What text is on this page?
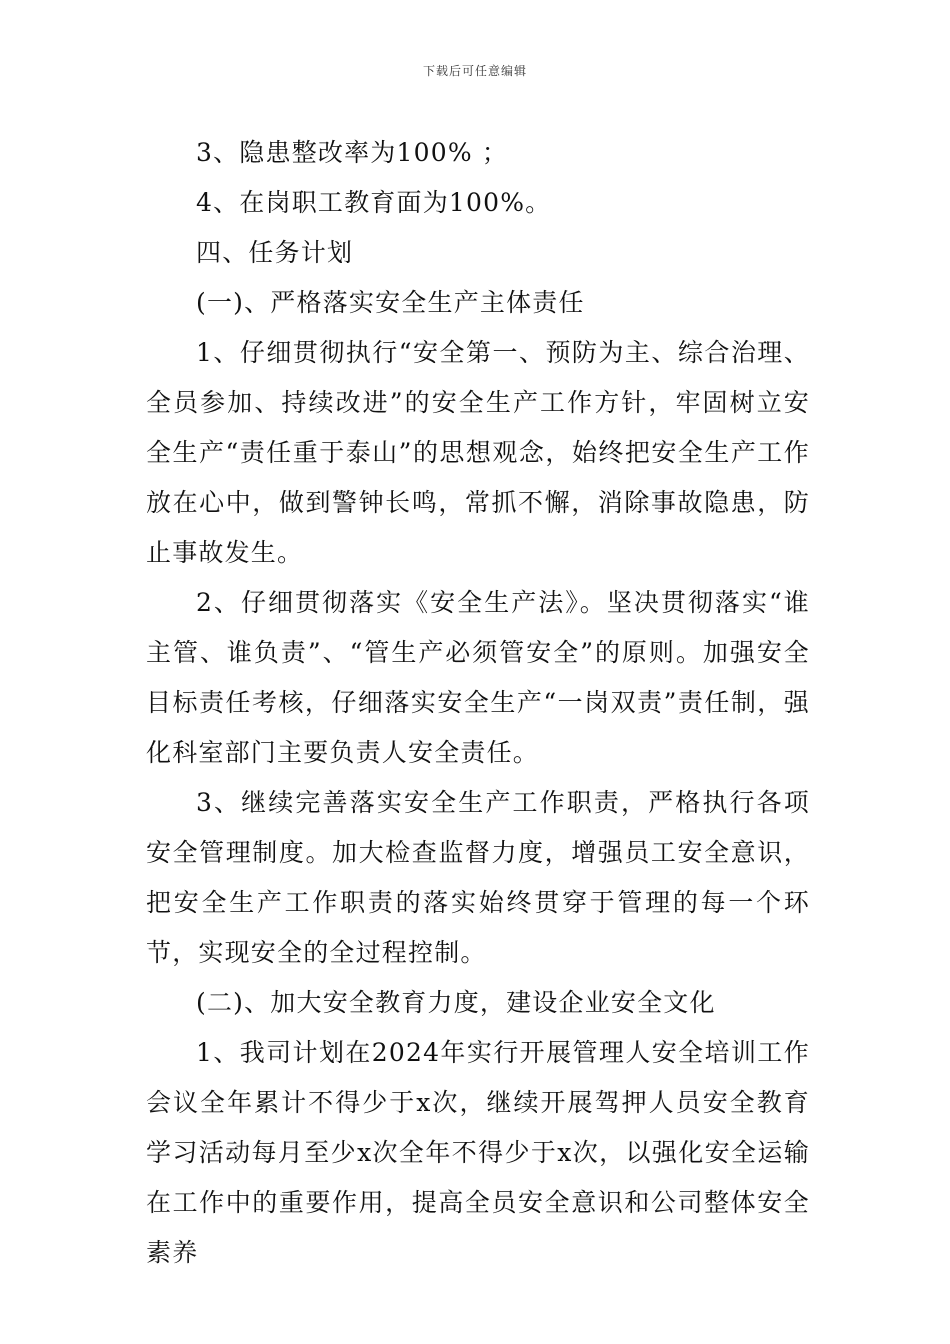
下载后可任意编辑

3、隐患整改率为100% ；

4、在岗职工教育面为100%。

四、任务计划

(一)、严格落实安全生产主体责任

1、仔细贯彻执行“安全第一、预防为主、综合治理、全员参加、持续改进”的安全生产工作方针，牢固树立安全生产“责任重于泰山”的思想观念，始终把安全生产工作放在心中，做到警钟长鸣，常抓不懈，消除事故隐患，防止事故发生。

2、仔细贯彻落实《安全生产法》。坚决贯彻落实“谁主管、谁负责”、“管生产必须管安全”的原则。加强安全目标责任考核，仔细落实安全生产“一岗双责”责任制，强化科室部门主要负责人安全责任。

3、继续完善落实安全生产工作职责，严格执行各项安全管理制度。加大检查监督力度，增强员工安全意识，把安全生产工作职责的落实始终贯穿于管理的每一个环节，实现安全的全过程控制。

(二)、加大安全教育力度，建设企业安全文化

1、我司计划在2024年实行开展管理人安全培训工作会议全年累计不得少于x次，继续开展驾押人员安全教育学习活动每月至少x次全年不得少于x次，以强化安全运输在工作中的重要作用，提高全员安全意识和公司整体安全素养
